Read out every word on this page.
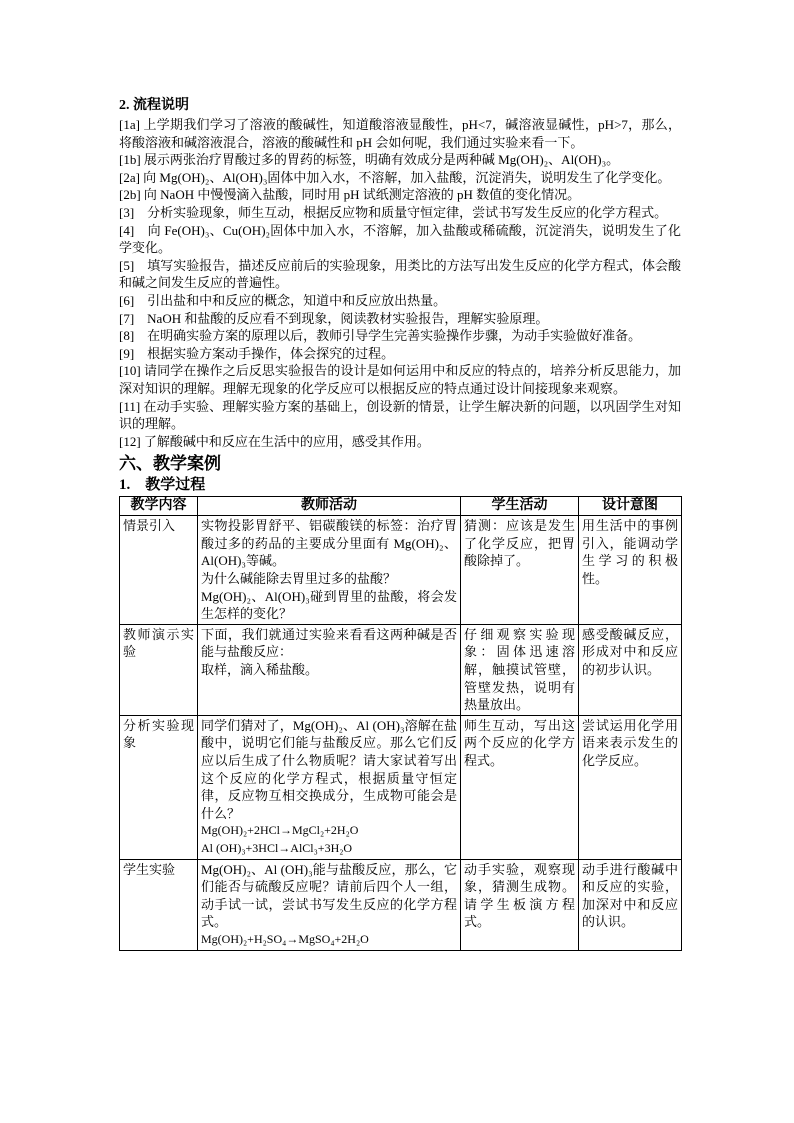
2. 流程说明

[1a] 上学期我们学习了溶液的酸碱性，知道酸溶液显酸性，pH<7，碱溶液显碱性，pH>7，那么，将酸溶液和碱溶液混合，溶液的酸碱性和 pH 会如何呢，我们通过实验来看一下。

[1b] 展示两张治疗胃酸过多的胃药的标签，明确有效成分是两种碱 Mg(OH)₂、Al(OH)₃。

[2a] 向 Mg(OH)₂、Al(OH)₃固体中加入水，不溶解，加入盐酸，沉淀消失，说明发生了化学变化。

[2b] 向 NaOH 中慢慢滴入盐酸，同时用 pH 试纸测定溶液的 pH 数值的变化情况。

[3]　分析实验现象，师生互动，根据反应物和质量守恒定律，尝试书写发生反应的化学方程式。

[4]　向 Fe(OH)₃、Cu(OH)₂固体中加入水，不溶解，加入盐酸或稀硫酸，沉淀消失，说明发生了化学变化。

[5]　填写实验报告，描述反应前后的实验现象，用类比的方法写出发生反应的化学方程式，体会酸和碱之间发生反应的普遍性。

[6]　引出盐和中和反应的概念，知道中和反应放出热量。

[7]　NaOH 和盐酸的反应看不到现象，阅读教材实验报告，理解实验原理。

[8]　在明确实验方案的原理以后，教师引导学生完善实验操作步骤，为动手实验做好准备。

[9]　根据实验方案动手操作，体会探究的过程。

[10] 请同学在操作之后反思实验报告的设计是如何运用中和反应的特点的，培养分析反思能力，加深对知识的理解。理解无现象的化学反应可以根据反应的特点通过设计间接现象来观察。

[11] 在动手实验、理解实验方案的基础上，创设新的情景，让学生解决新的问题，以巩固学生对知识的理解。

[12] 了解酸碱中和反应在生活中的应用，感受其作用。

六、教学案例

1.　教学过程

教学内容	教师活动	学生活动	设计意图
情景引入	实物投影胃舒平、铝碳酸镁的标签：治疗胃酸过多的药品的主要成分里面有 Mg(OH)₂、Al(OH)₃等碱。
为什么碱能除去胃里过多的盐酸？
Mg(OH)₂、Al(OH)₃碰到胃里的盐酸，将会发生怎样的变化？	猜测：应该是发生了化学反应，把胃酸除掉了。	用生活中的事例引入，能调动学生学习的积极性。
教师演示实验	下面，我们就通过实验来看看这两种碱是否能与盐酸反应：
取样，滴入稀盐酸。	仔细观察实验现象：固体迅速溶解，触摸试管壁，管壁发热，说明有热量放出。	感受酸碱反应，形成对中和反应的初步认识。
分析实验现象	同学们猜对了，Mg(OH)₂、Al (OH)₃溶解在盐酸中，说明它们能与盐酸反应。那么它们反应以后生成了什么物质呢？请大家试着写出这个反应的化学方程式，根据质量守恒定律，反应物互相交换成分，生成物可能会是什么？
Mg(OH)₂+2HCl→MgCl₂+2H₂O
Al (OH)₃+3HCl→AlCl₃+3H₂O	师生互动，写出这两个反应的化学方程式。	尝试运用化学用语来表示发生的化学反应。
学生实验	Mg(OH)₂、Al (OH)₃能与盐酸反应，那么，它们能否与硫酸反应呢？请前后四个人一组，动手试一试，尝试书写发生反应的化学方程式。
Mg(OH)₂+H₂SO₄→MgSO₄+2H₂O	动手实验，观察现象，猜测生成物。请学生板演方程式。	动手进行酸碱中和反应的实验，加深对中和反应的认识。
